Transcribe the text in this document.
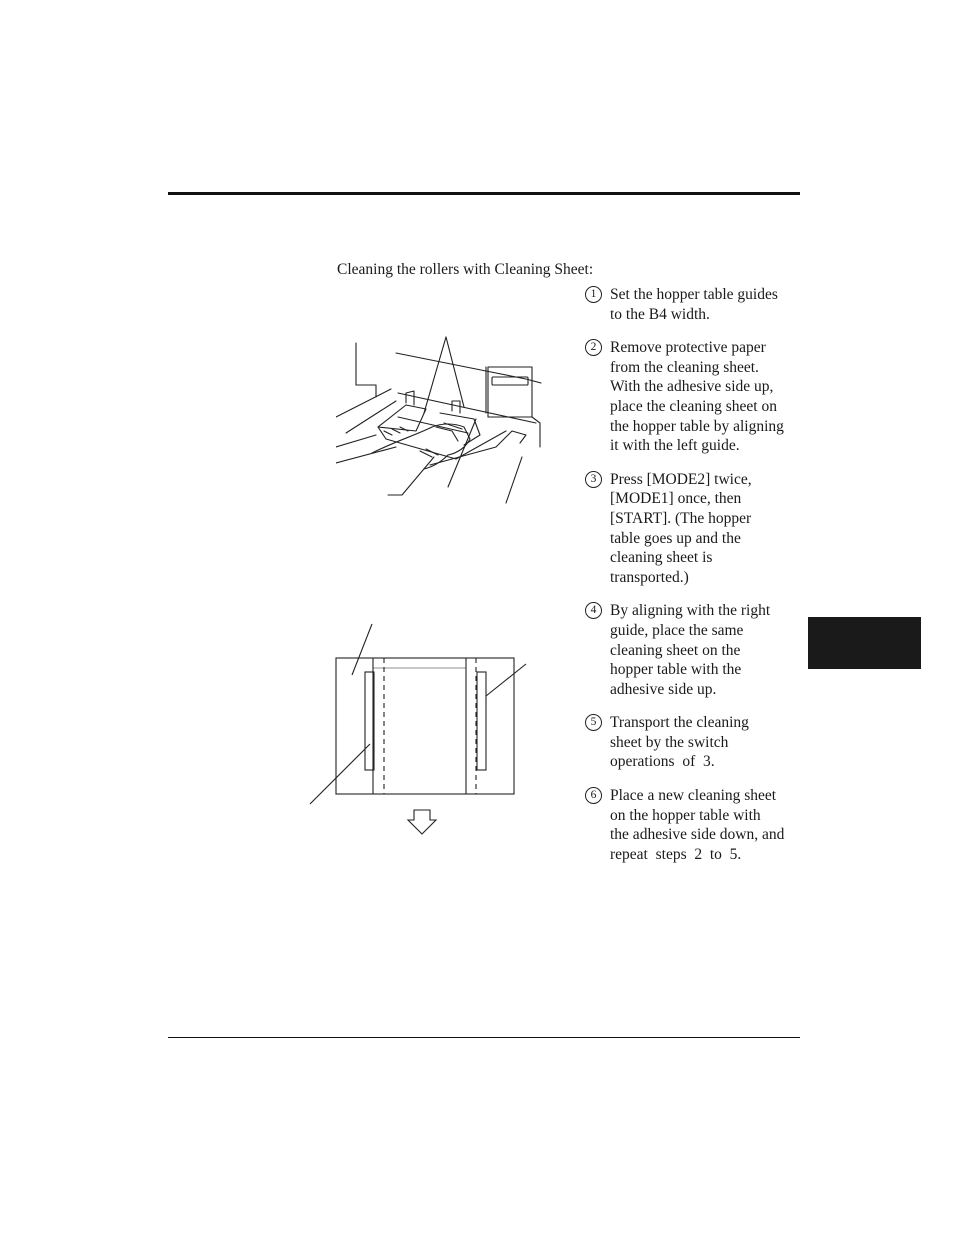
Cleaning the rollers with Cleaning Sheet:
1 Set the hopper table guides
to the B4 width.
2 Remove protective paper
from the cleaning sheet.
With the adhesive side up,
place the cleaning sheet on
the hopper table by aligning
it with the left guide.
3 Press [MODE2] twice,
[MODE1] once, then
[START]. (The hopper
table goes up and the
cleaning sheet is
transported.)
4 By aligning with the right
guide, place the same
cleaning sheet on the
hopper table with the
adhesive side up.
5 Transport the cleaning
sheet by the switch
operations  of  3.
6 Place a new cleaning sheet
on the hopper table with
the adhesive side down, and
repeat  steps  2  to  5.
